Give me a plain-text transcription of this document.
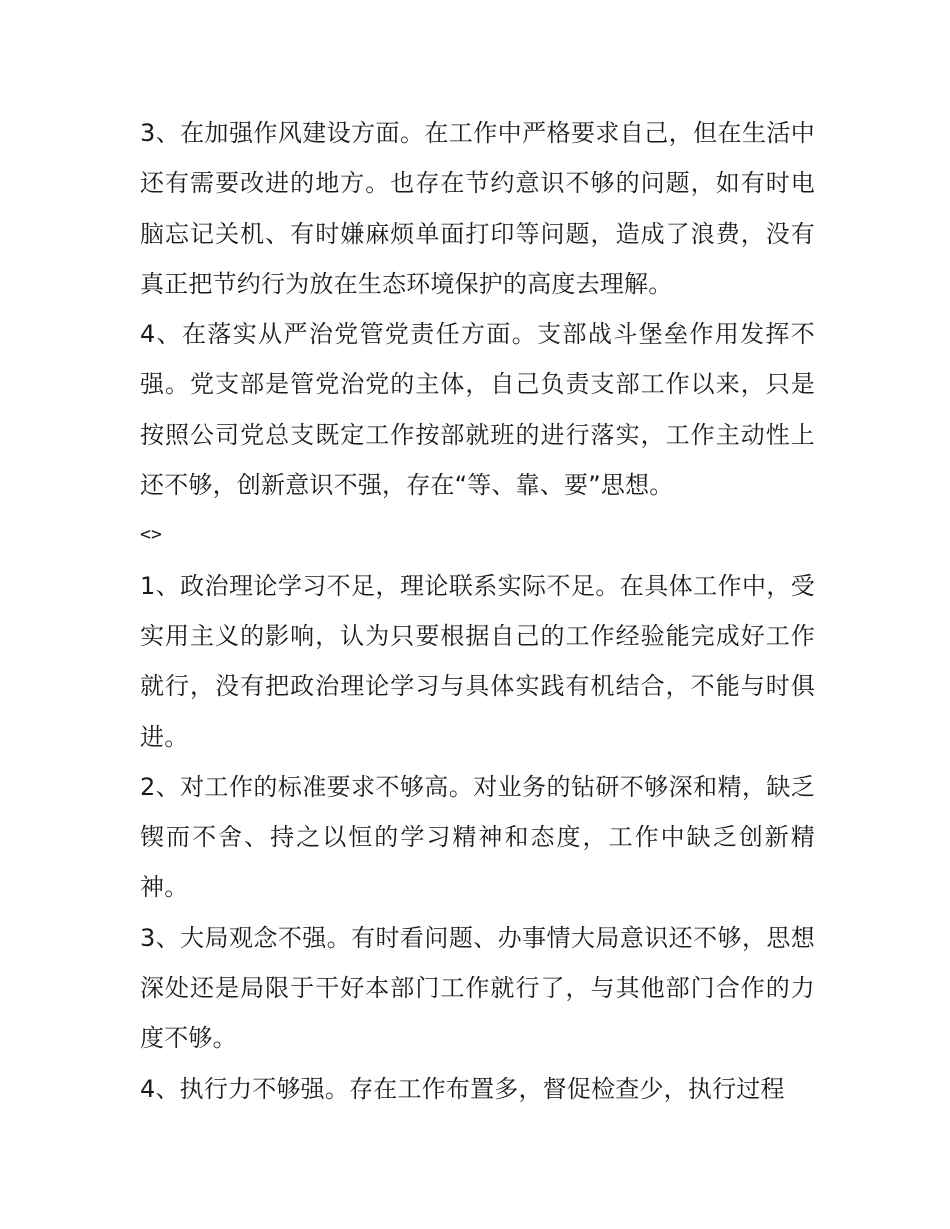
3、在加强作风建设方面。在工作中严格要求自己，但在生活中还有需要改进的地方。也存在节约意识不够的问题，如有时电脑忘记关机、有时嫌麻烦单面打印等问题，造成了浪费，没有真正把节约行为放在生态环境保护的高度去理解。

4、在落实从严治党管党责任方面。支部战斗堡垒作用发挥不强。党支部是管党治党的主体，自己负责支部工作以来，只是按照公司党总支既定工作按部就班的进行落实，工作主动性上还不够，创新意识不强，存在“等、靠、要”思想。

<>

1、政治理论学习不足，理论联系实际不足。在具体工作中，受实用主义的影响，认为只要根据自己的工作经验能完成好工作就行，没有把政治理论学习与具体实践有机结合，不能与时俱进。

2、对工作的标准要求不够高。对业务的钻研不够深和精，缺乏锲而不舍、持之以恒的学习精神和态度，工作中缺乏创新精神。

3、大局观念不强。有时看问题、办事情大局意识还不够，思想深处还是局限于干好本部门工作就行了，与其他部门合作的力度不够。

4、执行力不够强。存在工作布置多，督促检查少，执行过程
